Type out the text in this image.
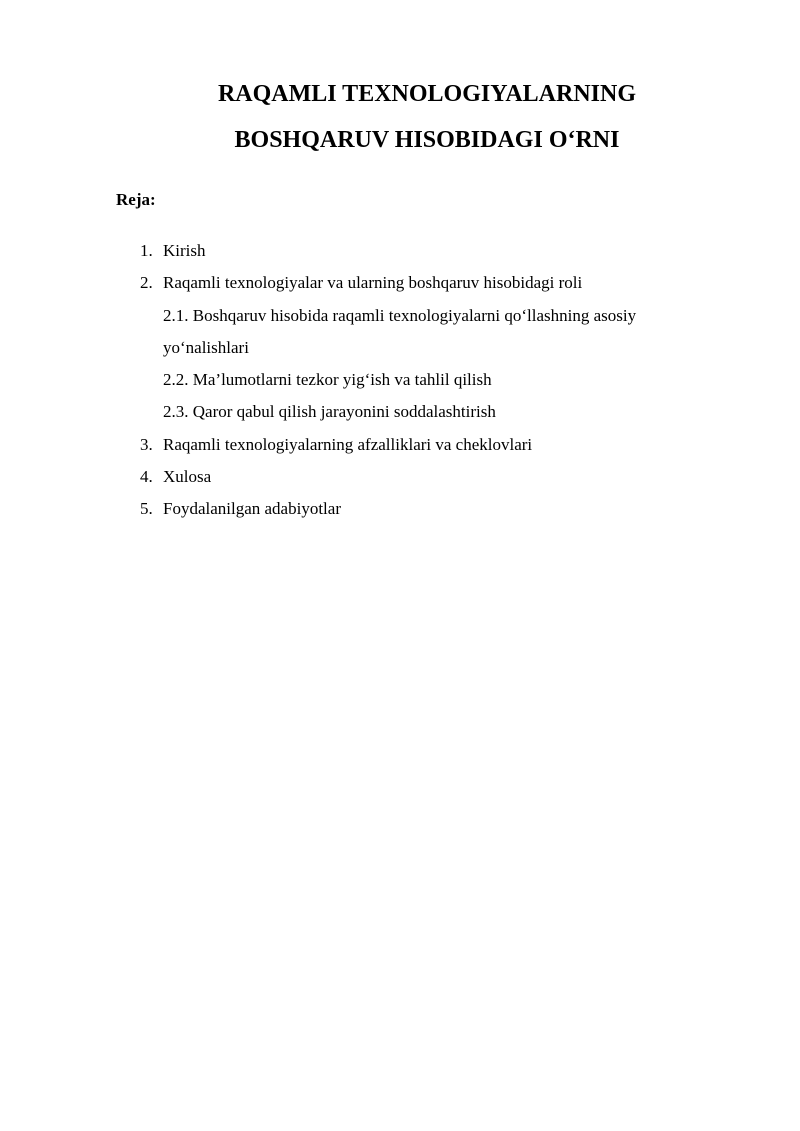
RAQAMLI TEXNOLOGIYALARNING
BOSHQARUV HISOBIDAGI O‘RNI

Reja:

1. Kirish
2. Raqamli texnologiyalar va ularning boshqaruv hisobidagi roli
2.1. Boshqaruv hisobida raqamli texnologiyalarni qo‘llashning asosiy
yo‘nalishlari
2.2. Ma’lumotlarni tezkor yig‘ish va tahlil qilish
2.3. Qaror qabul qilish jarayonini soddalashtirish
3. Raqamli texnologiyalarning afzalliklari va cheklovlari
4. Xulosa
5. Foydalanilgan adabiyotlar
